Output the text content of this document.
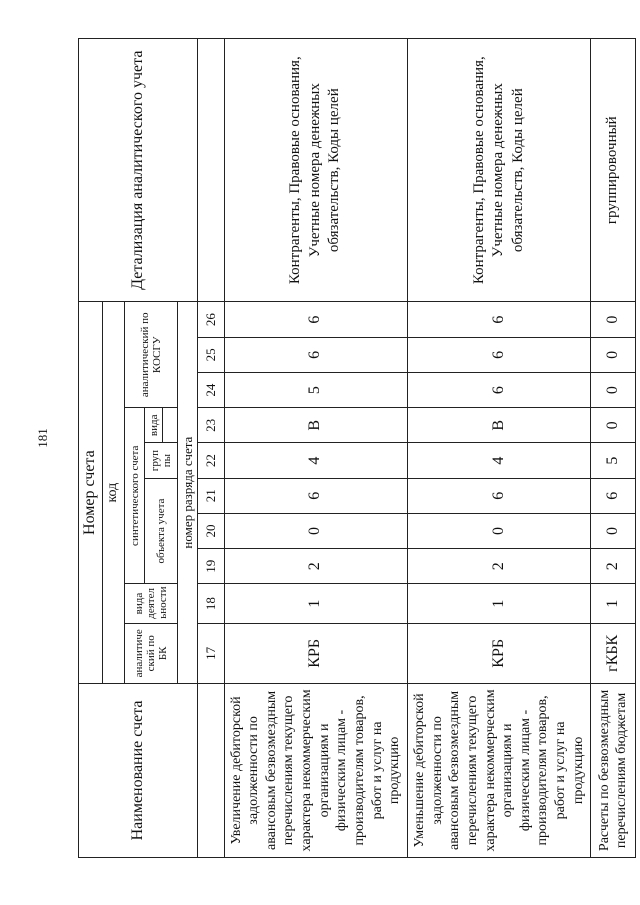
181
Наименование счета	Номер счета										Детализация аналитического учета
	код										
	аналитиче ский по БК	вида деятел ьности	синтетического счета					аналитический по КОСГУ			
			объекта учета			груп пы	вида				

	номер разряда счета										
	17	18	19	20	21	22	23	24	25	26	
Увеличение дебиторской задолженности по авансовым безвозмездным перечислениям текущего характера некоммерческим организациям и физическим лицам - производителям товаров, работ и услуг на продукцию	КРБ	1	2	0	6	4	В	5	6	6	Контрагенты, Правовые основания, Учетные номера денежных обязательств, Коды целей
Уменьшение дебиторской задолженности по авансовым безвозмездным перечислениям текущего характера некоммерческим организациям и физическим лицам - производителям товаров, работ и услуг на продукцию	КРБ	1	2	0	6	4	В	6	6	6	Контрагенты, Правовые основания, Учетные номера денежных обязательств, Коды целей
Расчеты по безвозмездным перечислениям бюджетам	гКБК	1	2	0	6	5	0	0	0	0	группировочный
